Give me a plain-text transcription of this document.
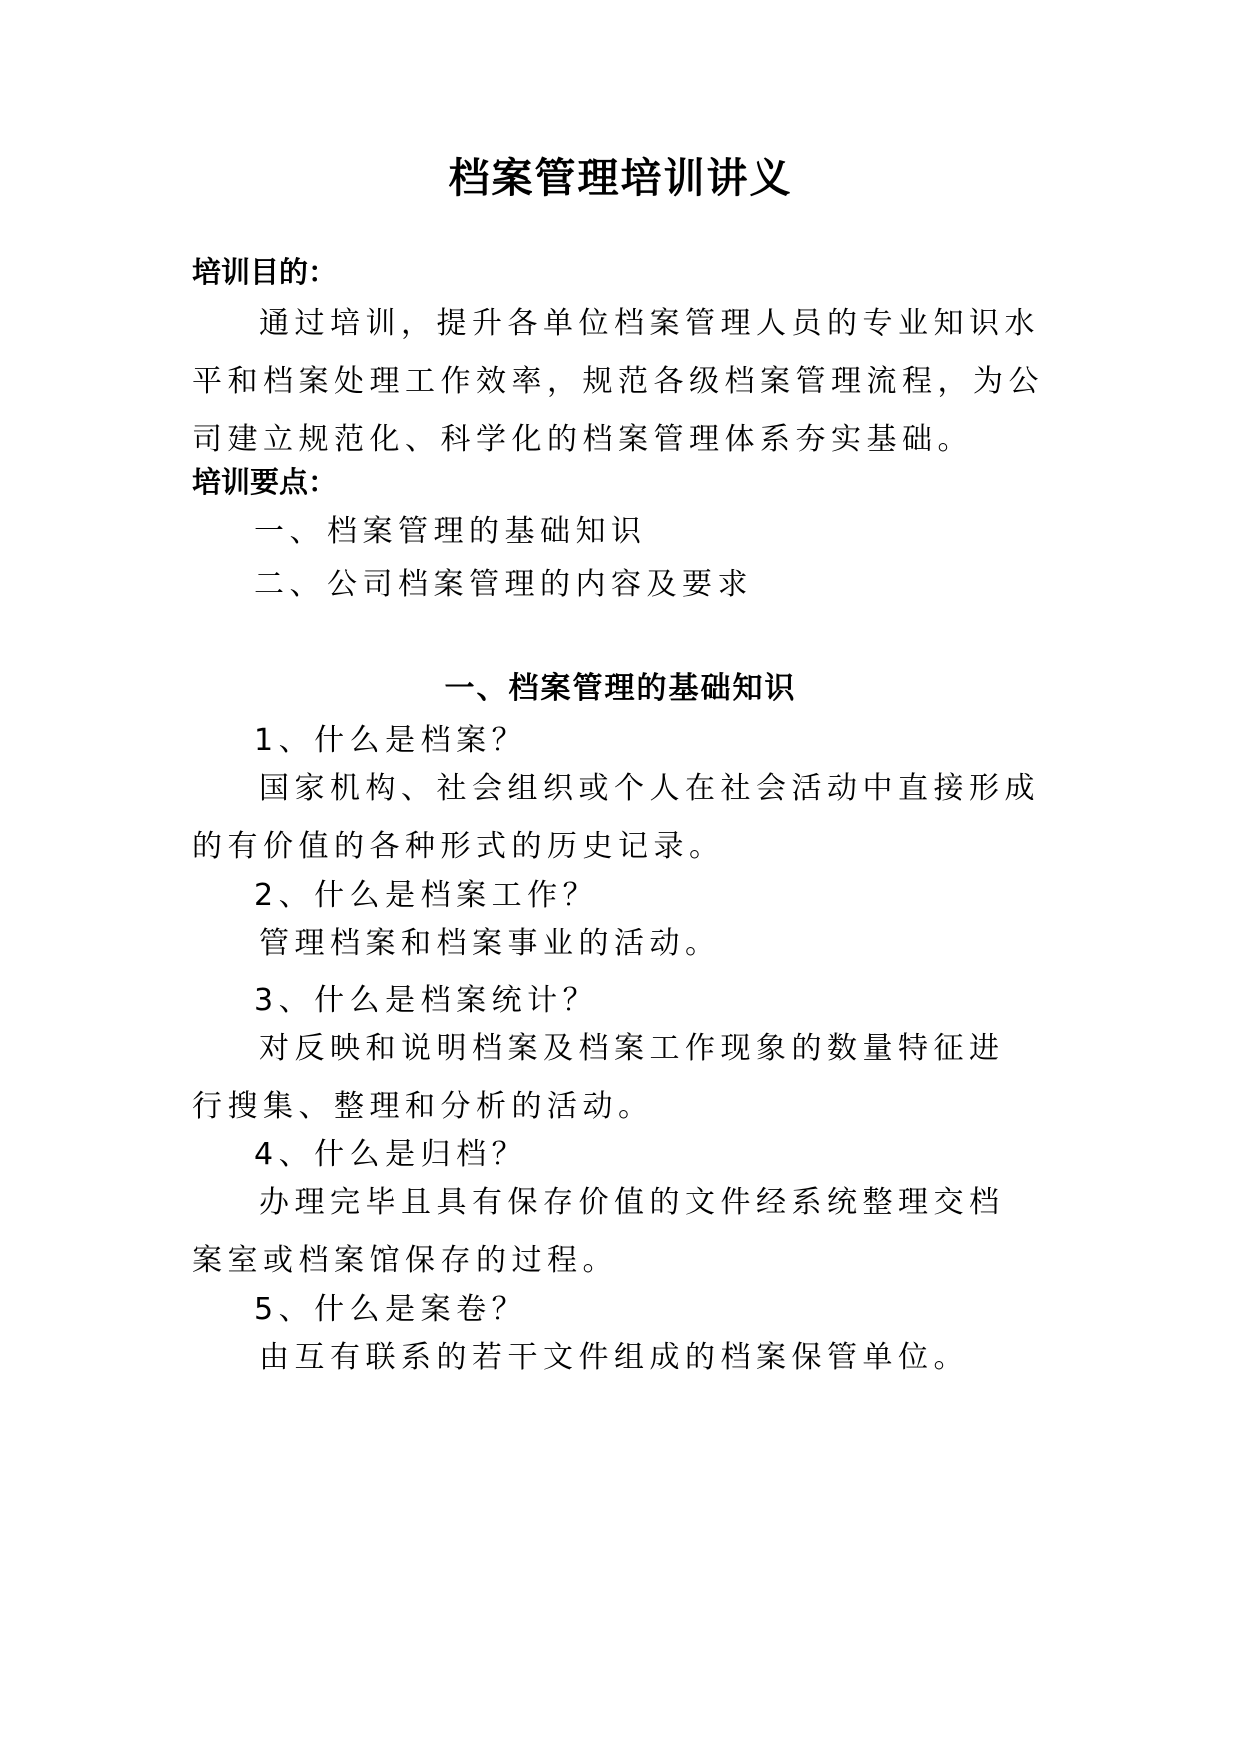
档案管理培训讲义
培训目的：

通过培训，提升各单位档案管理人员的专业知识水平和档案处理工作效率，规范各级档案管理流程，为公司建立规范化、科学化的档案管理体系夯实基础。

培训要点：
一、档案管理的基础知识
二、公司档案管理的内容及要求
一、档案管理的基础知识
1、什么是档案？

国家机构、社会组织或个人在社会活动中直接形成的有价值的各种形式的历史记录。

2、什么是档案工作？

管理档案和档案事业的活动。

3、什么是档案统计？

对反映和说明档案及档案工作现象的数量特征进行搜集、整理和分析的活动。

4、什么是归档？

办理完毕且具有保存价值的文件经系统整理交档案室或档案馆保存的过程。

5、什么是案卷？

由互有联系的若干文件组成的档案保管单位。
